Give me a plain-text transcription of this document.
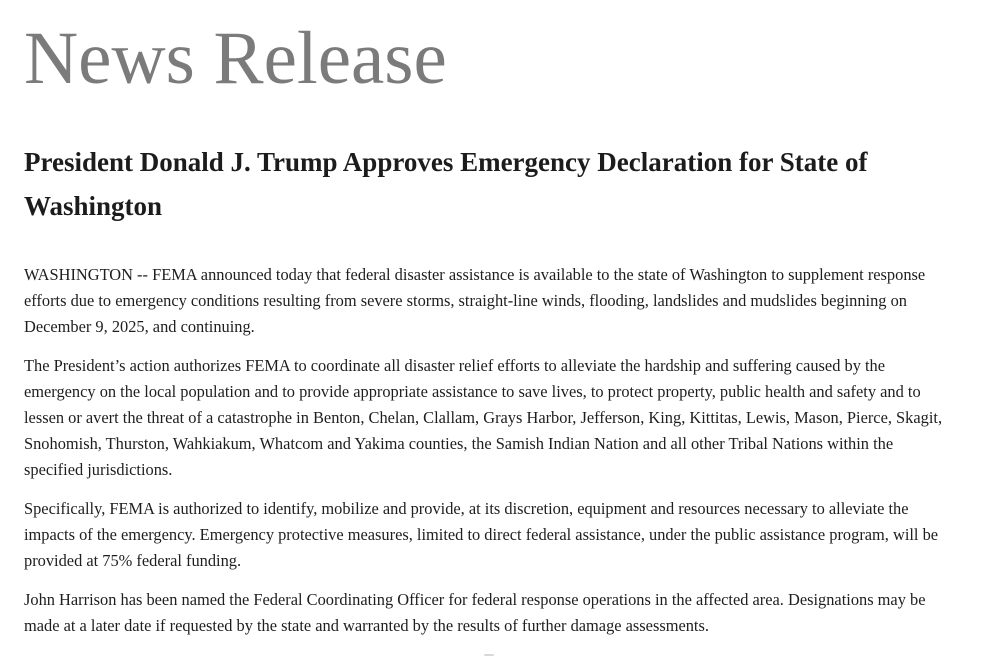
News Release
President Donald J. Trump Approves Emergency Declaration for State of Washington

WASHINGTON -- FEMA announced today that federal disaster assistance is available to the state of Washington to supplement response efforts due to emergency conditions resulting from severe storms, straight-line winds, flooding, landslides and mudslides beginning on December 9, 2025, and continuing.

The President’s action authorizes FEMA to coordinate all disaster relief efforts to alleviate the hardship and suffering caused by the emergency on the local population and to provide appropriate assistance to save lives, to protect property, public health and safety and to lessen or avert the threat of a catastrophe in Benton, Chelan, Clallam, Grays Harbor, Jefferson, King, Kittitas, Lewis, Mason, Pierce, Skagit, Snohomish, Thurston, Wahkiakum, Whatcom and Yakima counties, the Samish Indian Nation and all other Tribal Nations within the specified jurisdictions.

Specifically, FEMA is authorized to identify, mobilize and provide, at its discretion, equipment and resources necessary to alleviate the impacts of the emergency. Emergency protective measures, limited to direct federal assistance, under the public assistance program, will be provided at 75% federal funding.

John Harrison has been named the Federal Coordinating Officer for federal response operations in the affected area. Designations may be made at a later date if requested by the state and warranted by the results of further damage assessments.
